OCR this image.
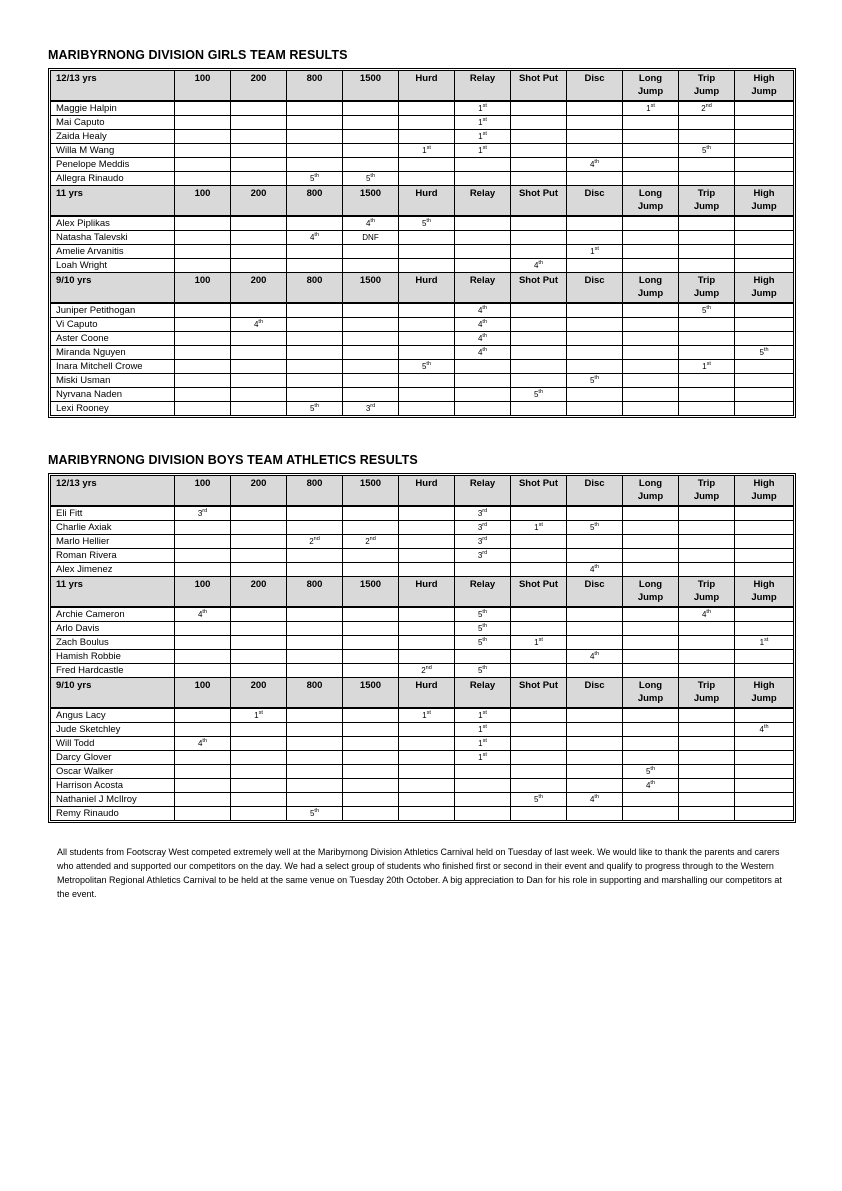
MARIBYRNONG DIVISION GIRLS TEAM RESULTS
12/13 yrs	100	200	800	1500	Hurd	Relay	Shot Put	Disc	Long
Jump	Trip
Jump	High
Jump
Maggie Halpin						1st			1st	2nd	
Mai Caputo						1st					
Zaida Healy						1st					
Willa M Wang					1st	1st				5th	
Penelope Meddis								4th			
Allegra Rinaudo			5th	5th							
11 yrs	100	200	800	1500	Hurd	Relay	Shot Put	Disc	Long
Jump	Trip
Jump	High
Jump
Alex Piplikas				4th	5th						
Natasha Talevski			4th	DNF							
Amelie Arvanitis								1st			
Loah Wright							4th				
9/10 yrs	100	200	800	1500	Hurd	Relay	Shot Put	Disc	Long
Jump	Trip
Jump	High
Jump
Juniper Petithogan						4th				5th	
Vi Caputo		4th				4th					
Aster Coone						4th					
Miranda Nguyen						4th					5th
Inara Mitchell Crowe					5th					1st	
Miski Usman								5th			
Nyrvana Naden							5th				
Lexi Rooney			5th	3rd							
MARIBYRNONG DIVISION BOYS TEAM ATHLETICS RESULTS
12/13 yrs	100	200	800	1500	Hurd	Relay	Shot Put	Disc	Long
Jump	Trip
Jump	High
Jump
Eli Fitt	3rd					3rd					
Charlie Axiak						3rd	1st	5th			
Marlo Hellier			2nd	2nd		3rd					
Roman Rivera						3rd					
Alex Jimenez								4th			
11 yrs	100	200	800	1500	Hurd	Relay	Shot Put	Disc	Long
Jump	Trip
Jump	High
Jump
Archie Cameron	4th					5th				4th	
Arlo Davis						5th					
Zach Boulus						5th	1st				1st
Hamish Robbie								4th			
Fred Hardcastle					2nd	5th					
9/10 yrs	100	200	800	1500	Hurd	Relay	Shot Put	Disc	Long
Jump	Trip
Jump	High
Jump
Angus Lacy		1st			1st	1st					
Jude Sketchley						1st					4th
Will Todd	4th					1st					
Darcy Glover						1st					
Oscar Walker									5th		
Harrison Acosta									4th		
Nathaniel J McIlroy							5th	4th			
Remy Rinaudo			5th								

All students from Footscray West competed extremely well at the Maribyrnong Division Athletics Carnival held on Tuesday of last week. We would like to thank the parents and carers who attended and supported our competitors on the day. We had a select group of students who finished first or second in their event and qualify to progress through to the Western Metropolitan Regional Athletics Carnival to be held at the same venue on Tuesday 20th October. A big appreciation to Dan for his role in supporting and marshalling our competitors at the event.
